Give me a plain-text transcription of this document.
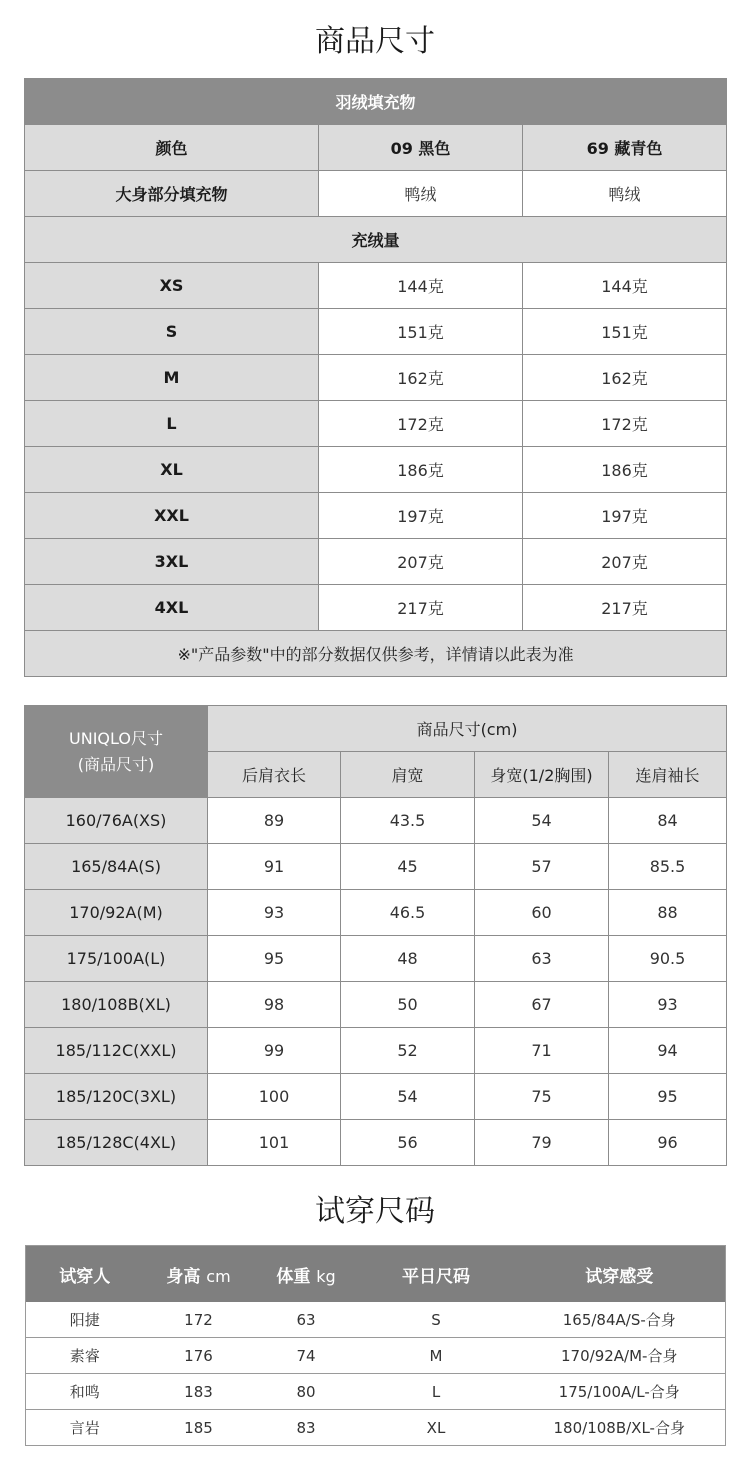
商品尺寸
羽绒填充物		
颜色	09 黑色	69 藏青色
大身部分填充物	鸭绒	鸭绒
充绒量		
XS	144克	144克
S	151克	151克
M	162克	162克
L	172克	172克
XL	186克	186克
XXL	197克	197克
3XL	207克	207克
4XL	217克	217克
※"产品参数"中的部分数据仅供参考，详情请以此表为准		
UNIQLO尺寸
(商品尺寸)	商品尺寸(cm)			
	后肩衣长	肩宽	身宽(1/2胸围)	连肩袖长
160/76A(XS)	89	43.5	54	84
165/84A(S)	91	45	57	85.5
170/92A(M)	93	46.5	60	88
175/100A(L)	95	48	63	90.5
180/108B(XL)	98	50	67	93
185/112C(XXL)	99	52	71	94
185/120C(3XL)	100	54	75	95
185/128C(4XL)	101	56	79	96
试穿尺码
试穿人	身高 cm	体重 kg	平日尺码	试穿感受
阳捷	172	63	S	165/84A/S-合身
素睿	176	74	M	170/92A/M-合身
和鸣	183	80	L	175/100A/L-合身
言岩	185	83	XL	180/108B/XL-合身
